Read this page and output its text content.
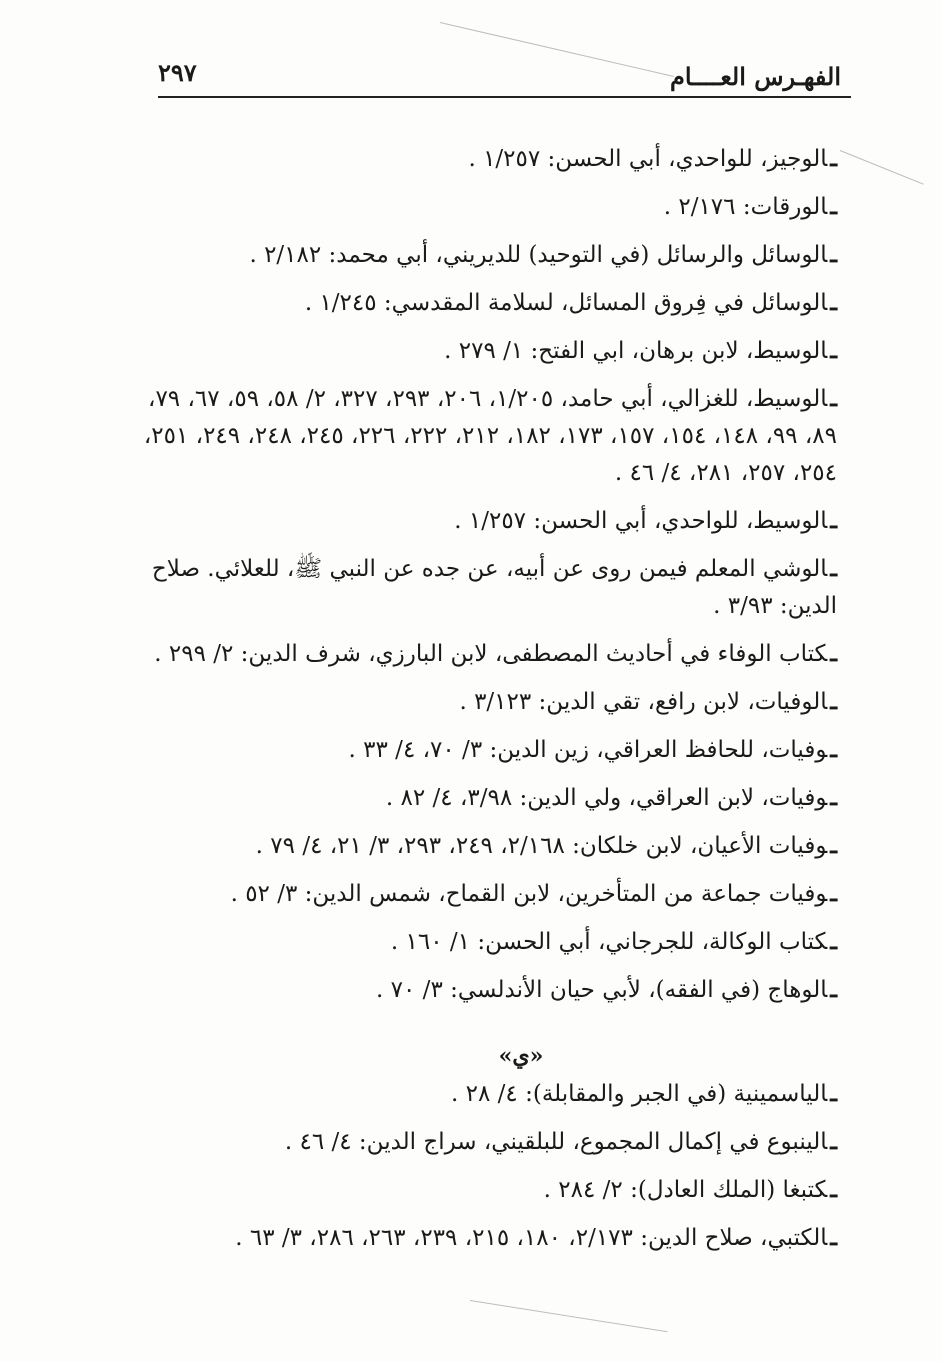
٢٩٧	الفهـرس العــــام
ـالوجيز، للواحدي، أبي الحسن: ١/٢٥٧ .
ـالورقات: ٢/١٧٦ .
ـالوسائل والرسائل (في التوحيد) للديريني، أبي محمد: ٢/١٨٢ .
ـالوسائل في فِروق المسائل، لسلامة المقدسي: ١/٢٤٥ .
ـالوسيط، لابن برهان، ابي الفتح: ١/ ٢٧٩ .
ـالوسيط، للغزالي، أبي حامد، ١/٢٠٥، ٢٠٦، ٢٩٣، ٣٢٧، ٢/ ٥٨، ٥٩، ٦٧، ٧٩، ٨٩، ٩٩، ١٤٨، ١٥٤، ١٥٧، ١٧٣، ١٨٢، ٢١٢، ٢٢٢، ٢٢٦، ٢٤٥، ٢٤٨، ٢٤٩، ٢٥١، ٢٥٤، ٢٥٧، ٢٨١، ٤/ ٤٦ .
ـالوسيط، للواحدي، أبي الحسن: ١/٢٥٧ .
ـالوشي المعلم فيمن روى عن أبيه، عن جده عن النبي ﷺ، للعلائي. صلاح الدين: ٣/٩٣ .
ـكتاب الوفاء في أحاديث المصطفى، لابن البارزي، شرف الدين: ٢/ ٢٩٩ .
ـالوفيات، لابن رافع، تقي الدين: ٣/١٢٣ .
ـوفيات، للحافظ العراقي، زين الدين: ٣/ ٧٠، ٤/ ٣٣ .
ـوفيات، لابن العراقي، ولي الدين: ٣/٩٨، ٤/ ٨٢ .
ـوفيات الأعيان، لابن خلكان: ٢/١٦٨، ٢٤٩، ٢٩٣، ٣/ ٢١، ٤/ ٧٩ .
ـوفيات جماعة من المتأخرين، لابن القماح، شمس الدين: ٣/ ٥٢ .
ـكتاب الوكالة، للجرجاني، أبي الحسن: ١/ ١٦٠ .
ـالوهاج (في الفقه)، لأبي حيان الأندلسي: ٣/ ٧٠ .
«ي»
ـالياسمينية (في الجبر والمقابلة): ٤/ ٢٨ .
ـالينبوع في إكمال المجموع، للبلقيني، سراج الدين: ٤/ ٤٦ .
ـكتبغا (الملك العادل): ٢/ ٢٨٤ .
ـالكتبي، صلاح الدين: ٢/١٧٣، ١٨٠، ٢١٥، ٢٣٩، ٢٦٣، ٢٨٦، ٣/ ٦٣ .
